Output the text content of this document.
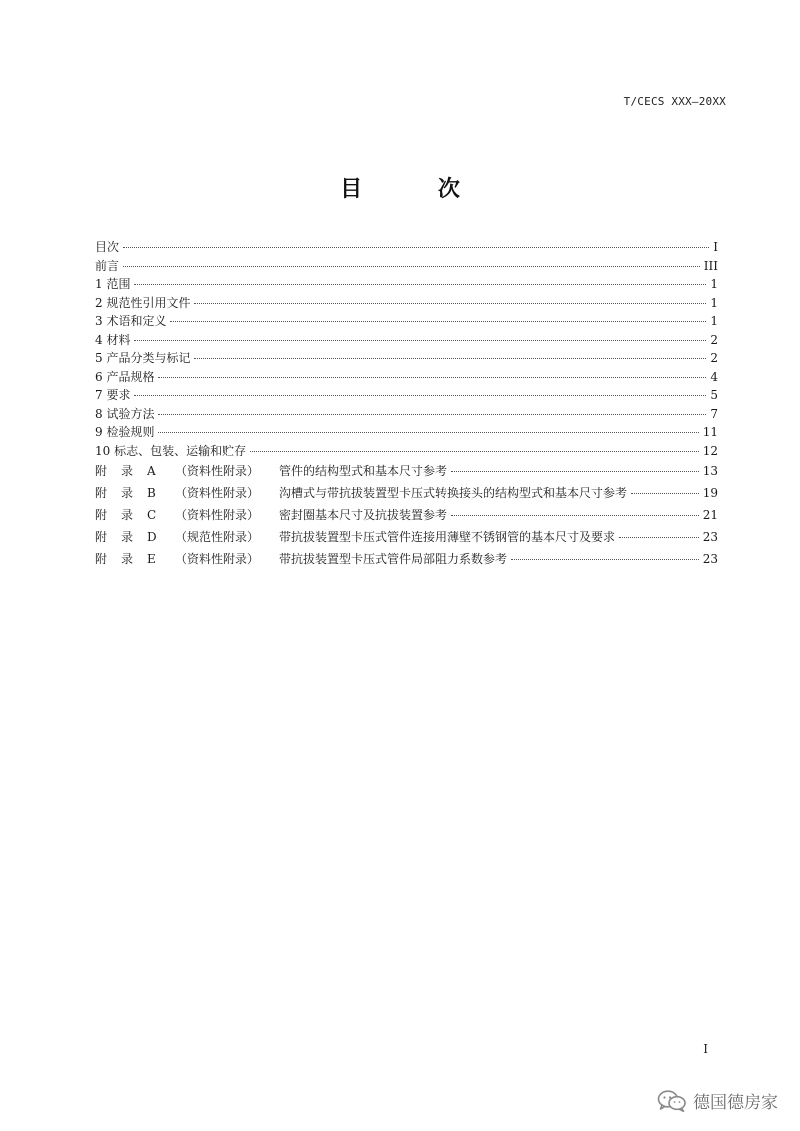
T/CECS XXX—20XX
目 次
目次	I
前言	III
1 范围	1
2 规范性引用文件	1
3 术语和定义	1
4 材料	2
5 产品分类与标记	2
6 产品规格	4
7 要求	5
8 试验方法	7
9 检验规则	11
10 标志、包装、运输和贮存	12
附 录 A （资料性附录） 管件的结构型式和基本尺寸参考	13
附 录 B （资料性附录） 沟槽式与带抗拔装置型卡压式转换接头的结构型式和基本尺寸参考	19
附 录 C （资料性附录） 密封圈基本尺寸及抗拔装置参考	21
附 录 D （规范性附录） 带抗拔装置型卡压式管件连接用薄壁不锈钢管的基本尺寸及要求	23
附 录 E （资料性附录） 带抗拔装置型卡压式管件局部阻力系数参考	23
I
德国德房家
